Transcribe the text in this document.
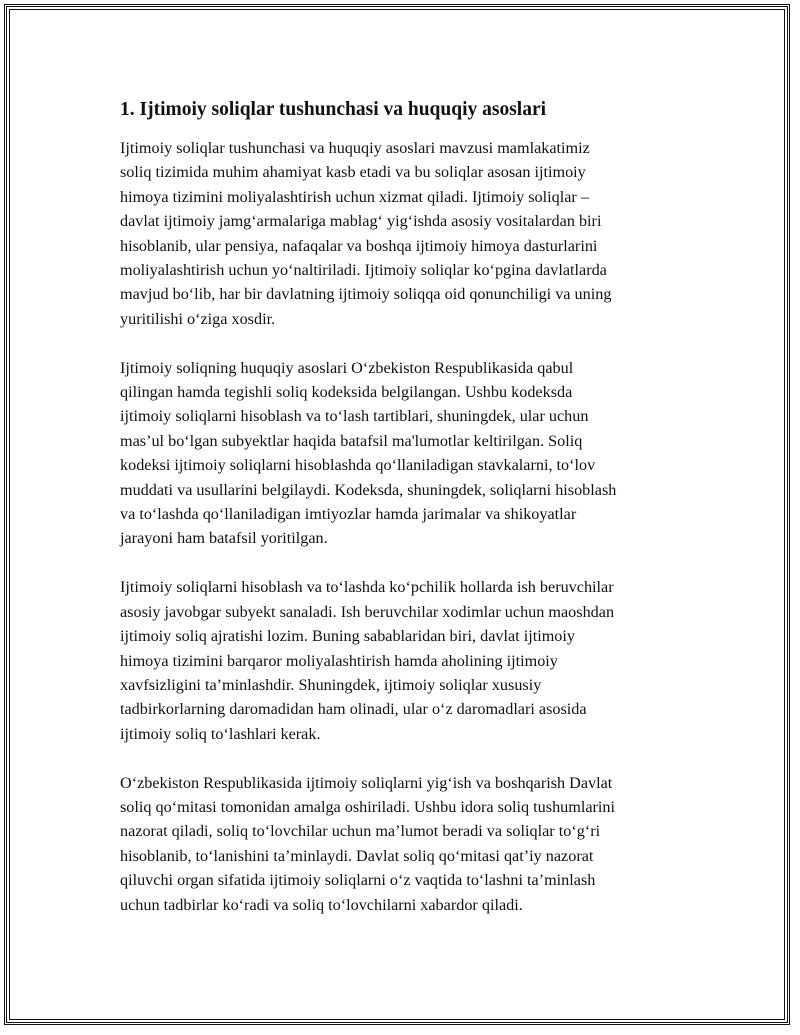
1. Ijtimoiy soliqlar tushunchasi va huquqiy asoslari
Ijtimoiy soliqlar tushunchasi va huquqiy asoslari mavzusi mamlakatimiz
soliq tizimida muhim ahamiyat kasb etadi va bu soliqlar asosan ijtimoiy
himoya tizimini moliyalashtirish uchun xizmat qiladi. Ijtimoiy soliqlar –
davlat ijtimoiy jamg‘armalariga mablag‘ yig‘ishda asosiy vositalardan biri
hisoblanib, ular pensiya, nafaqalar va boshqa ijtimoiy himoya dasturlarini
moliyalashtirish uchun yo‘naltiriladi. Ijtimoiy soliqlar ko‘pgina davlatlarda
mavjud bo‘lib, har bir davlatning ijtimoiy soliqqa oid qonunchiligi va uning
yuritilishi o‘ziga xosdir.
Ijtimoiy soliqning huquqiy asoslari O‘zbekiston Respublikasida qabul
qilingan hamda tegishli soliq kodeksida belgilangan. Ushbu kodeksda
ijtimoiy soliqlarni hisoblash va to‘lash tartiblari, shuningdek, ular uchun
mas’ul bo‘lgan subyektlar haqida batafsil ma'lumotlar keltirilgan. Soliq
kodeksi ijtimoiy soliqlarni hisoblashda qo‘llaniladigan stavkalarni, to‘lov
muddati va usullarini belgilaydi. Kodeksda, shuningdek, soliqlarni hisoblash
va to‘lashda qo‘llaniladigan imtiyozlar hamda jarimalar va shikoyatlar
jarayoni ham batafsil yoritilgan.
Ijtimoiy soliqlarni hisoblash va to‘lashda ko‘pchilik hollarda ish beruvchilar
asosiy javobgar subyekt sanaladi. Ish beruvchilar xodimlar uchun maoshdan
ijtimoiy soliq ajratishi lozim. Buning sabablaridan biri, davlat ijtimoiy
himoya tizimini barqaror moliyalashtirish hamda aholining ijtimoiy
xavfsizligini ta’minlashdir. Shuningdek, ijtimoiy soliqlar xususiy
tadbirkorlarning daromadidan ham olinadi, ular o‘z daromadlari asosida
ijtimoiy soliq to‘lashlari kerak.
O‘zbekiston Respublikasida ijtimoiy soliqlarni yig‘ish va boshqarish Davlat
soliq qo‘mitasi tomonidan amalga oshiriladi. Ushbu idora soliq tushumlarini
nazorat qiladi, soliq to‘lovchilar uchun ma’lumot beradi va soliqlar to‘g‘ri
hisoblanib, to‘lanishini ta’minlaydi. Davlat soliq qo‘mitasi qat’iy nazorat
qiluvchi organ sifatida ijtimoiy soliqlarni o‘z vaqtida to‘lashni ta’minlash
uchun tadbirlar ko‘radi va soliq to‘lovchilarni xabardor qiladi.
